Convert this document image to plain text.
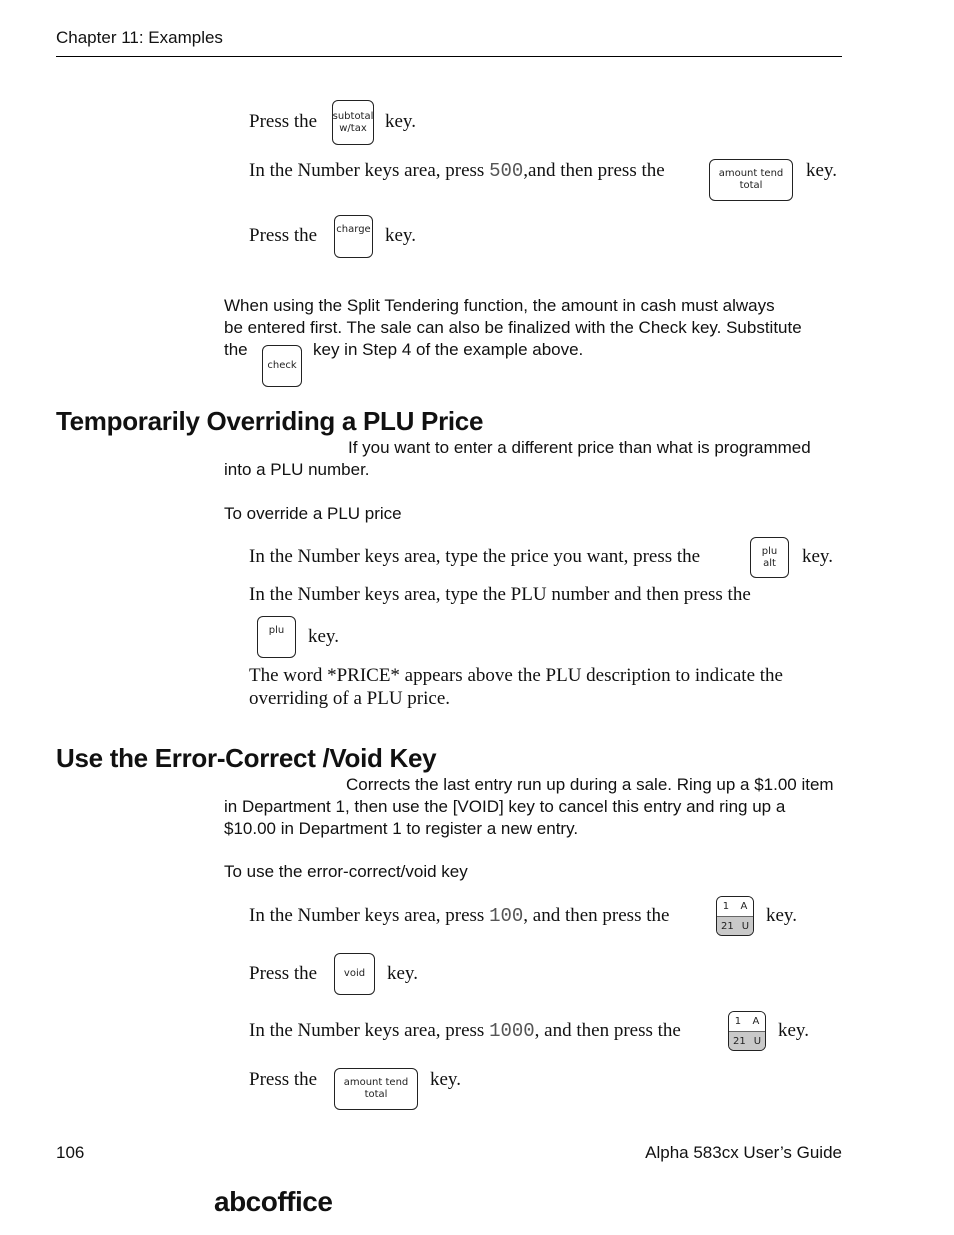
Chapter 11: Examples
Press the subtotal
w/tax key.
In the Number keys area, press 500,and then press the	amount tend
total
key.
Press the charge key.
When using the Split Tendering function, the amount in cash must always
be entered first. The sale can also be finalized with the Check key. Substitute
the
check
key in Step 4 of the example above.
Temporarily Overriding a PLU Price
If you want to enter a different price than what is programmed
into a PLU number.
To override a PLU price
In the Number keys area, type the price you want, press the	plu
alt key.
In the Number keys area, type the PLU number and then press the
plu key.
The word *PRICE* appears above the PLU description to indicate the
overriding of a PLU price.
Use the Error-Correct /Void Key
Corrects the last entry run up during a sale. Ring up a $1.00 item
in Department 1, then use the [VOID] key to cancel this entry and ring up a
$10.00 in Department 1 to register a new entry.
To use the error-correct/void key
In the Number keys area, press 100, and then press the	1 A
21 U
key.
Press the	void key.
In the Number keys area, press 1000, and then press the	1 A
21 U
key.
Press the	amount tend
total
key.
106	Alpha 583cx User’s Guide
abcoffice
